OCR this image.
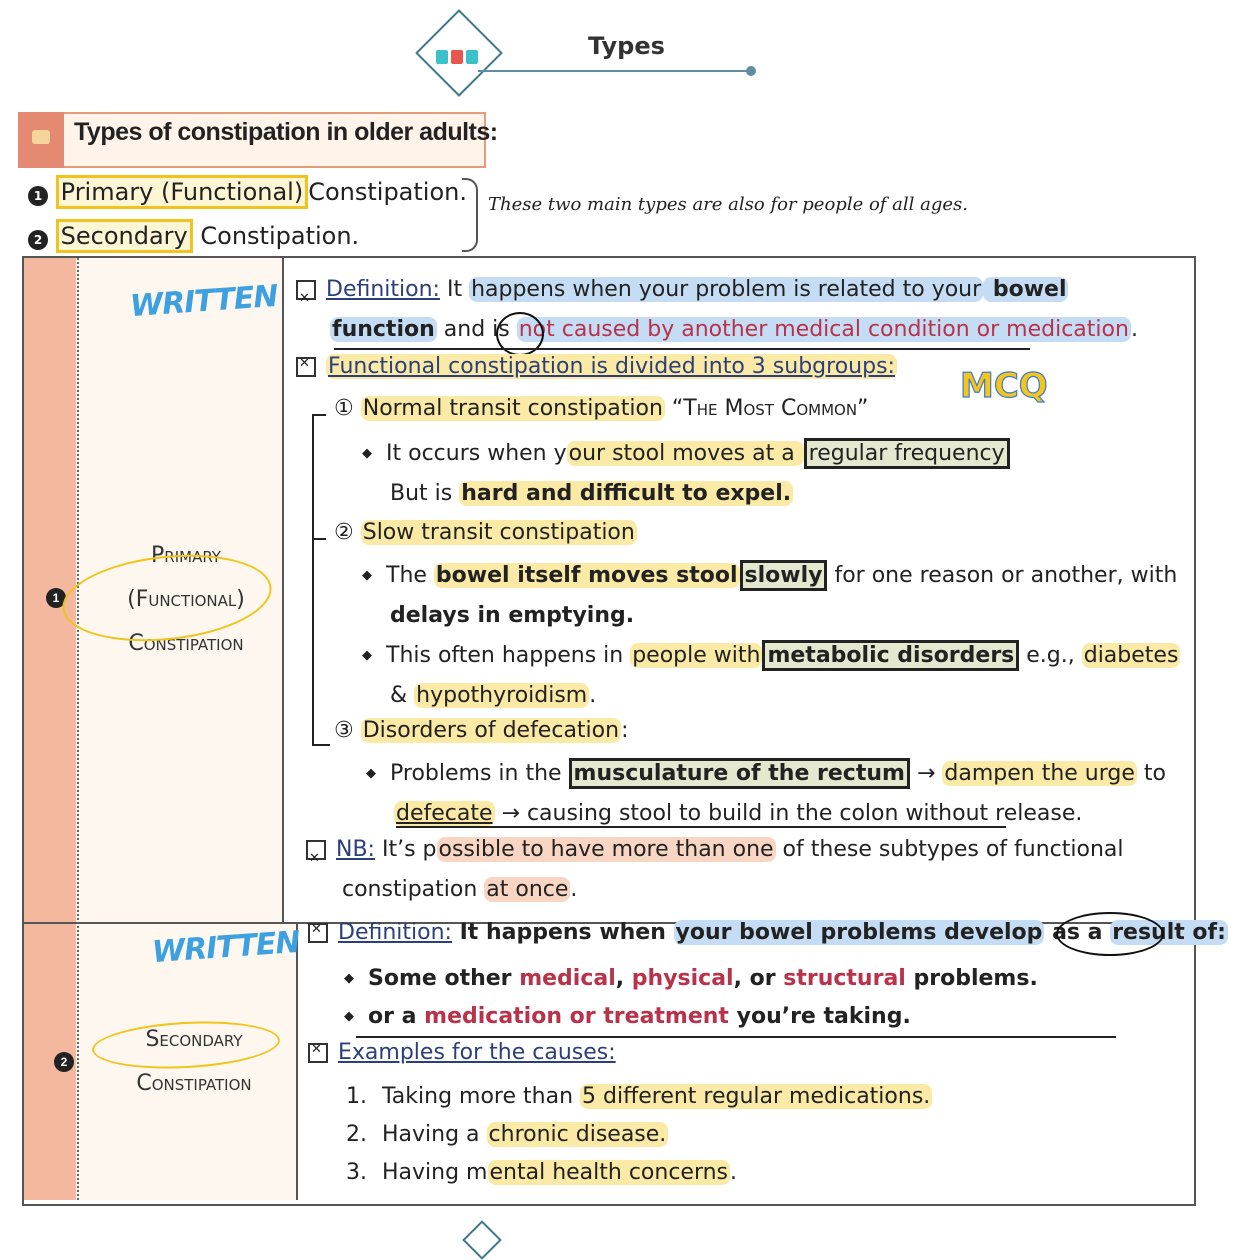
Types
Types of constipation in older adults:
1 Primary (Functional) Constipation.
2 Secondary Constipation.
These two main types are also for people of all ages.
WRITTEN
1
Primary
(Functional)
Constipation
✕Definition: It happens when your problem is related to your bowel
function and is not caused by another medical condition or medication.
✕Functional constipation is divided into 3 subgroups: MCQ
① Normal transit constipation “The Most Common”
◆ It occurs when your stool moves at a regular frequency
But is hard and difficult to expel.
② Slow transit constipation
◆ The bowel itself moves stool slowly for one reason or another, with
delays in emptying.
◆ This often happens in people with metabolic disorders e.g., diabetes
& hypothyroidism.
③ Disorders of defecation:
◆ Problems in the musculature of the rectum → dampen the urge to
defecate → causing stool to build in the colon without release.
✕NB: It’s possible to have more than one of these subtypes of functional
constipation at once.
WRITTEN
2
Secondary
Constipation
✕Definition: It happens when your bowel problems develop as a result of:
◆ Some other medical, physical, or structural problems.
◆ or a medication or treatment you’re taking.
✕Examples for the causes:
1. Taking more than 5 different regular medications.
2. Having a chronic disease.
3. Having mental health concerns.
